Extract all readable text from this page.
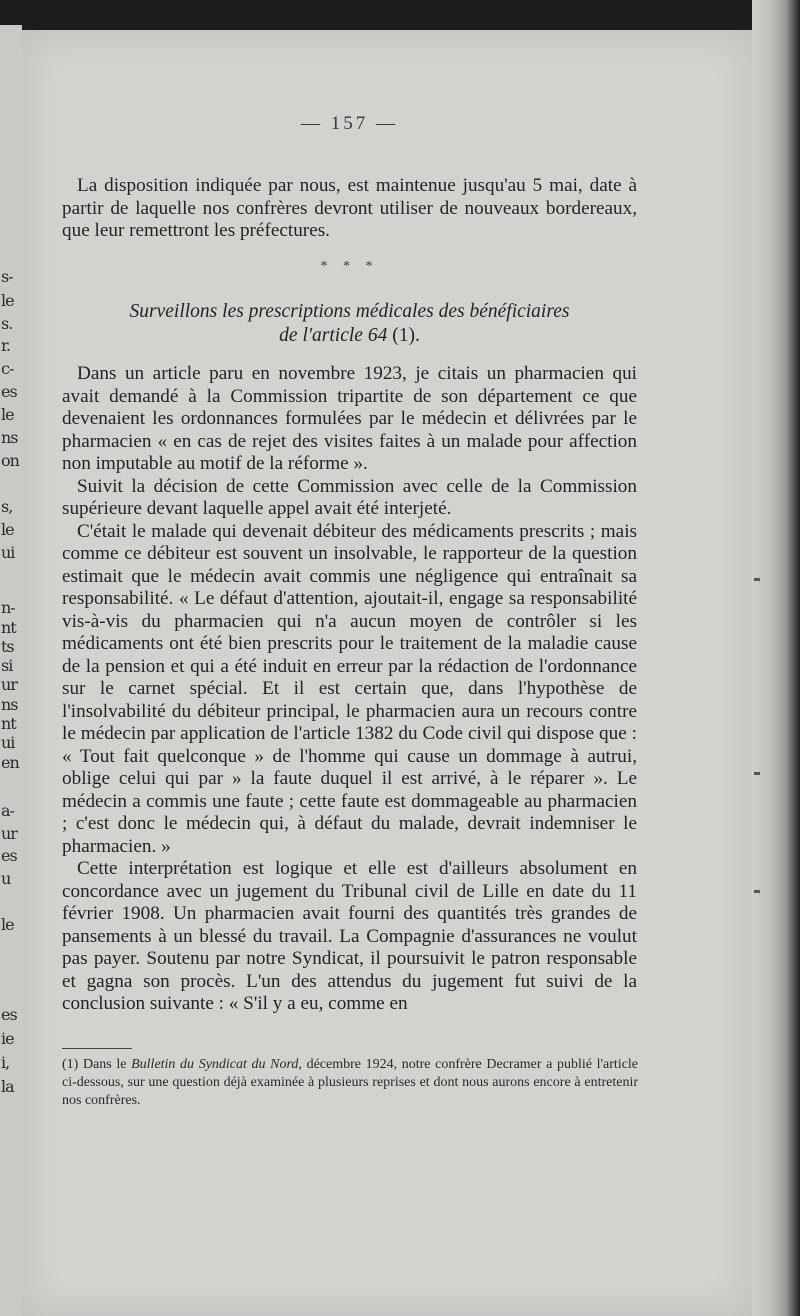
s-
le
s.
r.
c-
es
le
ns
on
s,
le
ui
n-
nt
ts
si
ur
ns
nt
ui
en
a-
ur
es
u
le
es
ie
i,
la
— 157 —

La disposition indiquée par nous, est maintenue jusqu'au 5 mai, date à partir de laquelle nos confrères devront utiliser de nouveaux bordereaux, que leur remettront les préfectures.

* * *
Surveillons les prescriptions médicales des bénéficiaires
de l'article 64 (1).

Dans un article paru en novembre 1923, je citais un pharmacien qui avait demandé à la Commission tripartite de son département ce que devenaient les ordonnances formulées par le médecin et délivrées par le pharmacien « en cas de rejet des visites faites à un malade pour affection non imputable au motif de la réforme ».

Suivit la décision de cette Commission avec celle de la Commission supérieure devant laquelle appel avait été interjeté.

C'était le malade qui devenait débiteur des médicaments prescrits ; mais comme ce débiteur est souvent un insolvable, le rapporteur de la question estimait que le médecin avait commis une négligence qui entraînait sa responsabilité. « Le défaut d'attention, ajoutait-il, engage sa responsabilité vis-à-vis du pharmacien qui n'a aucun moyen de contrôler si les médicaments ont été bien prescrits pour le traitement de la maladie cause de la pension et qui a été induit en erreur par la rédaction de l'ordonnance sur le carnet spécial. Et il est certain que, dans l'hypothèse de l'insolvabilité du débiteur principal, le pharmacien aura un recours contre le médecin par application de l'article 1382 du Code civil qui dispose que : « Tout fait quelconque » de l'homme qui cause un dommage à autrui, oblige celui qui par » la faute duquel il est arrivé, à le réparer ». Le médecin a commis une faute ; cette faute est dommageable au pharmacien ; c'est donc le médecin qui, à défaut du malade, devrait indemniser le pharmacien. »

Cette interprétation est logique et elle est d'ailleurs absolument en concordance avec un jugement du Tribunal civil de Lille en date du 11 février 1908. Un pharmacien avait fourni des quantités très grandes de pansements à un blessé du travail. La Compagnie d'assurances ne voulut pas payer. Soutenu par notre Syndicat, il poursuivit le patron responsable et gagna son procès. L'un des attendus du jugement fut suivi de la conclusion suivante : « S'il y a eu, comme en

(1) Dans le Bulletin du Syndicat du Nord, décembre 1924, notre confrère Decramer a publié l'article ci-dessous, sur une question déjà examinée à plusieurs reprises et dont nous aurons encore à entretenir nos confrères.
